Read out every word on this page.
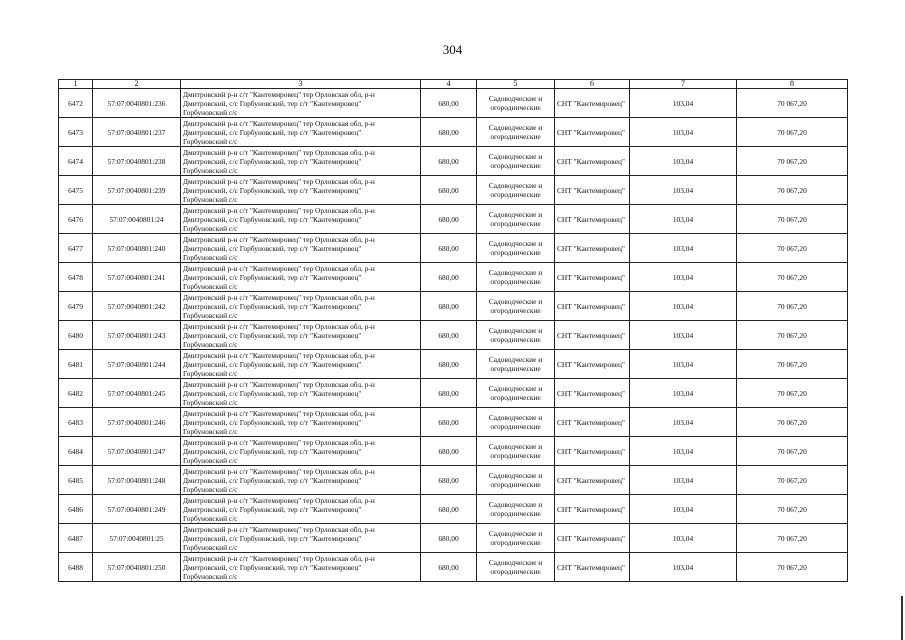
304
1	2	3	4	5	6	7	8
6472	57:07:0040801:236	Дмитровский р-н с/т "Кантемировец" тер Орловская обл, р-н
Дмитровский, с/с Горбуновский, тер с/т "Кантемировец"
Горбуновский с/с	680,00	Садоводческие и
огороднические	СНТ "Кантемировец"	103,04	70 067,20
6473	57:07:0040801:237	Дмитровский р-н с/т "Кантемировец" тер Орловская обл, р-н
Дмитровский, с/с Горбуновский, тер с/т "Кантемировец"
Горбуновский с/с	680,00	Садоводческие и
огороднические	СНТ "Кантемировец"	103,04	70 067,20
6474	57:07:0040801:238	Дмитровский р-н с/т "Кантемировец" тер Орловская обл, р-н
Дмитровский, с/с Горбуновский, тер с/т "Кантемировец"
Горбуновский с/с	680,00	Садоводческие и
огороднические	СНТ "Кантемировец"	103,04	70 067,20
6475	57:07:0040801:239	Дмитровский р-н с/т "Кантемировец" тер Орловская обл, р-н
Дмитровский, с/с Горбуновский, тер с/т "Кантемировец"
Горбуновский с/с	680,00	Садоводческие и
огороднические	СНТ "Кантемировец"	103,04	70 067,20
6476	57:07:0040801:24	Дмитровский р-н с/т "Кантемировец" тер Орловская обл, р-н
Дмитровский, с/с Горбуновский, тер с/т "Кантемировец"
Горбуновский с/с	680,00	Садоводческие и
огороднические	СНТ "Кантемировец"	103,04	70 067,20
6477	57:07:0040801:240	Дмитровский р-н с/т "Кантемировец" тер Орловская обл, р-н
Дмитровский, с/с Горбуновский, тер с/т "Кантемировец"
Горбуновский с/с	680,00	Садоводческие и
огороднические	СНТ "Кантемировец"	103,04	70 067,20
6478	57:07:0040801:241	Дмитровский р-н с/т "Кантемировец" тер Орловская обл, р-н
Дмитровский, с/с Горбуновский, тер с/т "Кантемировец"
Горбуновский с/с	680,00	Садоводческие и
огороднические	СНТ "Кантемировец"	103,04	70 067,20
6479	57:07:0040801:242	Дмитровский р-н с/т "Кантемировец" тер Орловская обл, р-н
Дмитровский, с/с Горбуновский, тер с/т "Кантемировец"
Горбуновский с/с	680,00	Садоводческие и
огороднические	СНТ "Кантемировец"	103,04	70 067,20
6480	57:07:0040801:243	Дмитровский р-н с/т "Кантемировец" тер Орловская обл, р-н
Дмитровский, с/с Горбуновский, тер с/т "Кантемировец"
Горбуновский с/с	680,00	Садоводческие и
огороднические	СНТ "Кантемировец"	103,04	70 067,20
6481	57:07:0040801:244	Дмитровский р-н с/т "Кантемировец" тер Орловская обл, р-н
Дмитровский, с/с Горбуновский, тер с/т "Кантемировец"
Горбуновский с/с	680,00	Садоводческие и
огороднические	СНТ "Кантемировец"	103,04	70 067,20
6482	57:07:0040801:245	Дмитровский р-н с/т "Кантемировец" тер Орловская обл, р-н
Дмитровский, с/с Горбуновский, тер с/т "Кантемировец"
Горбуновский с/с	680,00	Садоводческие и
огороднические	СНТ "Кантемировец"	103,04	70 067,20
6483	57:07:0040801:246	Дмитровский р-н с/т "Кантемировец" тер Орловская обл, р-н
Дмитровский, с/с Горбуновский, тер с/т "Кантемировец"
Горбуновский с/с	680,00	Садоводческие и
огороднические	СНТ "Кантемировец"	103,04	70 067,20
6484	57:07:0040801:247	Дмитровский р-н с/т "Кантемировец" тер Орловская обл, р-н
Дмитровский, с/с Горбуновский, тер с/т "Кантемировец"
Горбуновский с/с	680,00	Садоводческие и
огороднические	СНТ "Кантемировец"	103,04	70 067,20
6485	57:07:0040801:248	Дмитровский р-н с/т "Кантемировец" тер Орловская обл, р-н
Дмитровский, с/с Горбуновский, тер с/т "Кантемировец"
Горбуновский с/с	680,00	Садоводческие и
огороднические	СНТ "Кантемировец"	103,04	70 067,20
6486	57:07:0040801:249	Дмитровский р-н с/т "Кантемировец" тер Орловская обл, р-н
Дмитровский, с/с Горбуновский, тер с/т "Кантемировец"
Горбуновский с/с	680,00	Садоводческие и
огороднические	СНТ "Кантемировец"	103,04	70 067,20
6487	57:07:0040801:25	Дмитровский р-н с/т "Кантемировец" тер Орловская обл, р-н
Дмитровский, с/с Горбуновский, тер с/т "Кантемировец"
Горбуновский с/с	680,00	Садоводческие и
огороднические	СНТ "Кантемировец"	103,04	70 067,20
6488	57:07:0040801:250	Дмитровский р-н с/т "Кантемировец" тер Орловская обл, р-н
Дмитровский, с/с Горбуновский, тер с/т "Кантемировец"
Горбуновский с/с	680,00	Садоводческие и
огороднические	СНТ "Кантемировец"	103,04	70 067,20
